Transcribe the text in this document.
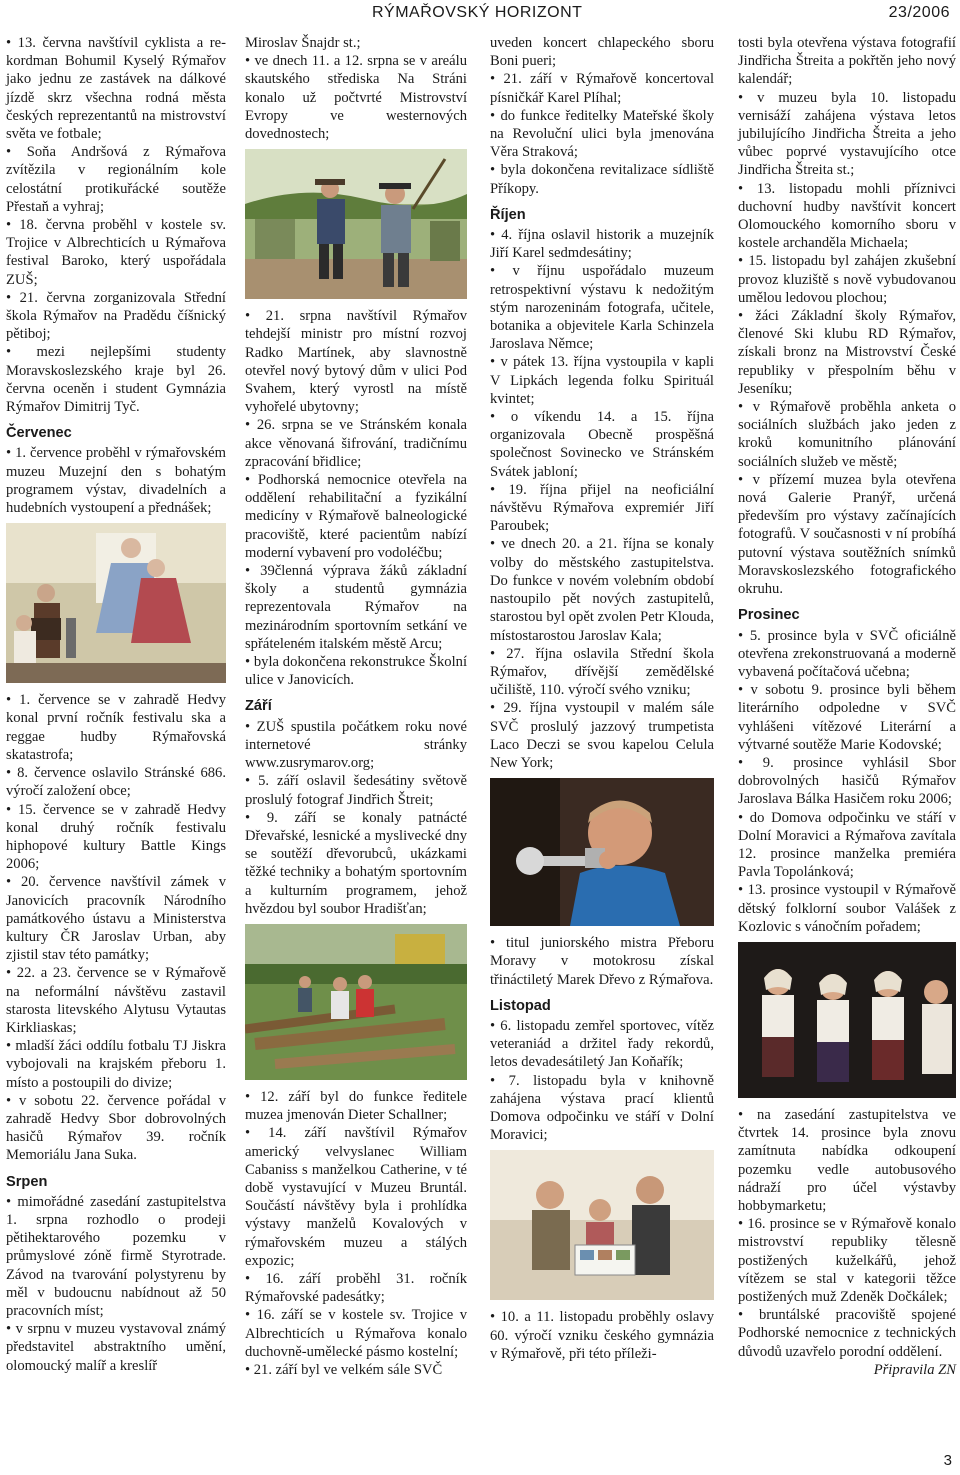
RÝMAŘOVSKÝ HORIZONT	23/2006

• 13. června navštívil cyklista a rekordman Bohumil Kyselý Rýmařov jako jednu ze zastávek na dálkové jízdě skrz všechna rodná města českých reprezentantů na mistrovství světa ve fotbale;

• Soňa Andršová z Rýmařova zvítězila v regionálním kole celostátní protikuřácké soutěže Přestaň a vyhraj;

• 18. června proběhl v kostele sv. Trojice v Albrechticích u Rýmařova festival Baroko, který uspořádala ZUŠ;

• 21. června zorganizovala Střední škola Rýmařov na Pradědu číšnický pětiboj;

• mezi nejlepšími studenty Moravskoslezského kraje byl 26. června oceněn i student Gymnázia Rýmařov Dimitrij Tyč.

Červenec

• 1. července proběhl v rýmařovském muzeu Muzejní den s bohatým programem výstav, divadelních a hudebních vystoupení a přednášek;

• 1. července se v zahradě Hedvy konal první ročník festivalu ska a reggae hudby Rýmařovská skatastrofa;

• 8. července oslavilo Stránské 686. výročí založení obce;

• 15. července se v zahradě Hedvy konal druhý ročník festivalu hiphopové kultury Battle Kings 2006;

• 20. července navštívil zámek v Janovicích pracovník Národního památkového ústavu a Ministerstva kultury ČR Jaroslav Urban, aby zjistil stav této památky;

• 22. a 23. července se v Rýmařově na neformální návštěvu zastavil starosta litevského Alytusu Vytautas Kirkliaskas;

• mladší žáci oddílu fotbalu TJ Jiskra vybojovali na krajském přeboru 1. místo a postoupili do divize;

• v sobotu 22. července pořádal v zahradě Hedvy Sbor dobrovolných hasičů Rýmařov 39. ročník Memoriálu Jana Suka.

Srpen

• mimořádné zasedání zastupitelstva 1. srpna rozhodlo o prodeji pětihektarového pozemku v průmyslové zóně firmě Styrotrade. Závod na tvarování polystyrenu by měl v budoucnu nabídnout až 50 pracovních míst;

• v srpnu v muzeu vystavoval známý představitel abstraktního umění, olomoucký malíř a kreslíř

Miroslav Šnajdr st.;

• ve dnech 11. a 12. srpna se v areálu skautského střediska Na Stráni konalo už počtvrté Mistrovství Evropy ve westernových dovednostech;

• 21. srpna navštívil Rýmařov tehdejší ministr pro místní rozvoj Radko Martínek, aby slavnostně otevřel nový bytový dům v ulici Pod Svahem, který vyrostl na místě vyhořelé ubytovny;

• 26. srpna se ve Stránském konala akce věnovaná šifrování, tradičnímu zpracování břidlice;

• Podhorská nemocnice otevřela na oddělení rehabilitační a fyzikální medicíny v Rýmařově balneologické pracoviště, které pacientům nabízí moderní vybavení pro vodoléčbu;

• 39členná výprava žáků základní školy a studentů gymnázia reprezentovala Rýmařov na mezinárodním sportovním setkání ve spřáteleném italském městě Arcu;

• byla dokončena rekonstrukce Školní ulice v Janovicích.

Září

• ZUŠ spustila počátkem roku nové internetové stránky www.zusrymarov.org;

• 5. září oslavil šedesátiny světově proslulý fotograf Jindřich Štreit;

• 9. září se konaly patnácté Dřevařské, lesnické a myslivecké dny se soutěží dřevorubců, ukázkami těžké techniky a bohatým sportovním a kulturním programem, jehož hvězdou byl soubor Hradišťan;

• 12. září byl do funkce ředitele muzea jmenován Dieter Schallner;

• 14. září navštívil Rýmařov americký velvyslanec William Cabaniss s manželkou Catherine, v té době vystavující v Muzeu Bruntál. Součástí návštěvy byla i prohlídka výstavy manželů Kovalových v rýmařovském muzeu a stálých expozic;

• 16. září proběhl 31. ročník Rýmařovské padesátky;

• 16. září se v kostele sv. Trojice v Albrechticích u Rýmařova konalo duchovně-umělecké pásmo kostelní;

• 21. září byl ve velkém sále SVČ

uveden koncert chlapeckého sboru Boni pueri;

• 21. září v Rýmařově koncertoval písničkář Karel Plíhal;

• do funkce ředitelky Mateřské školy na Revoluční ulici byla jmenována Věra Straková;

• byla dokončena revitalizace sídliště Příkopy.

Říjen

• 4. října oslavil historik a muzejník Jiří Karel sedmdesátiny;

• v říjnu uspořádalo muzeum retrospektivní výstavu k nedožitým stým narozeninám fotografa, učitele, botanika a objevitele Karla Schinzela Jaroslava Němce;

• v pátek 13. října vystoupila v kapli V Lipkách legenda folku Spirituál kvintet;

• o víkendu 14. a 15. října organizovala Obecně prospěšná společnost Sovinecko ve Stránském Svátek jabloní;

• 19. října přijel na neoficiální návštěvu Rýmařova expremiér Jiří Paroubek;

• ve dnech 20. a 21. října se konaly volby do městského zastupitelstva. Do funkce v novém volebním období nastoupilo pět nových zastupitelů, starostou byl opět zvolen Petr Klouda, místostarostou Jaroslav Kala;

• 27. října oslavila Střední škola Rýmařov, dřívější zemědělské učiliště, 110. výročí svého vzniku;

• 29. října vystoupil v malém sále SVČ proslulý jazzový trumpetista Laco Deczi se svou kapelou Celula New York;

• titul juniorského mistra Přeboru Moravy v motokrosu získal třináctiletý Marek Dřevo z Rýmařova.

Listopad

• 6. listopadu zemřel sportovec, vítěz veteraniád a držitel řady rekordů, letos devadesátiletý Jan Koňařík;

• 7. listopadu byla v knihovně zahájena výstava prací klientů Domova odpočinku ve stáří v Dolní Moravici;

• 10. a 11. listopadu proběhly oslavy 60. výročí vzniku českého gymnázia v Rýmařově, při této příleži-

tosti byla otevřena výstava fotografií Jindřicha Štreita a pokřtěn jeho nový kalendář;

• v muzeu byla 10. listopadu vernisáží zahájena výstava letos jubilujícího Jindřicha Štreita a jeho vůbec poprvé vystavujícího otce Jindřicha Štreita st.;

• 13. listopadu mohli příznivci duchovní hudby navštívit koncert Olomouckého komorního sboru v kostele archanděla Michaela;

• 15. listopadu byl zahájen zkušební provoz kluziště s nově vybudovanou umělou ledovou plochou;

• žáci Základní školy Rýmařov, členové Ski klubu RD Rýmařov, získali bronz na Mistrovství České republiky v přespolním běhu v Jeseníku;

• v Rýmařově proběhla anketa o sociálních službách jako jeden z kroků komunitního plánování sociálních služeb ve městě;

• v přízemí muzea byla otevřena nová Galerie Pranýř, určená především pro výstavy začínajících fotografů. V současnosti v ní probíhá putovní výstava soutěžních snímků Moravskoslezského fotografického okruhu.

Prosinec

• 5. prosince byla v SVČ oficiálně otevřena zrekonstruovaná a moderně vybavená počítačová učebna;

• v sobotu 9. prosince byli během literárního odpoledne v SVČ vyhlášeni vítězové Literární a výtvarné soutěže Marie Kodovské;

• 9. prosince vyhlásil Sbor dobrovolných hasičů Rýmařov Jaroslava Bálka Hasičem roku 2006;

• do Domova odpočinku ve stáří v Dolní Moravici a Rýmařova zavítala 12. prosince manželka premiéra Pavla Topolánková;

• 13. prosince vystoupil v Rýmařově dětský folklorní soubor Valášek z Kozlovic s vánočním pořadem;

• na zasedání zastupitelstva ve čtvrtek 14. prosince byla znovu zamítnuta nabídka odkoupení pozemku vedle autobusového nádraží pro účel výstavby hobbymarketu;

• 16. prosince se v Rýmařově konalo mistrovství republiky tělesně postižených kuželkářů, jehož vítězem se stal v kategorii těžce postižených muž Zdeněk Dočkálek;

• bruntálské pracoviště spojené Podhorské nemocnice z technických důvodů uzavřelo porodní oddělení.

Připravila ZN

3
